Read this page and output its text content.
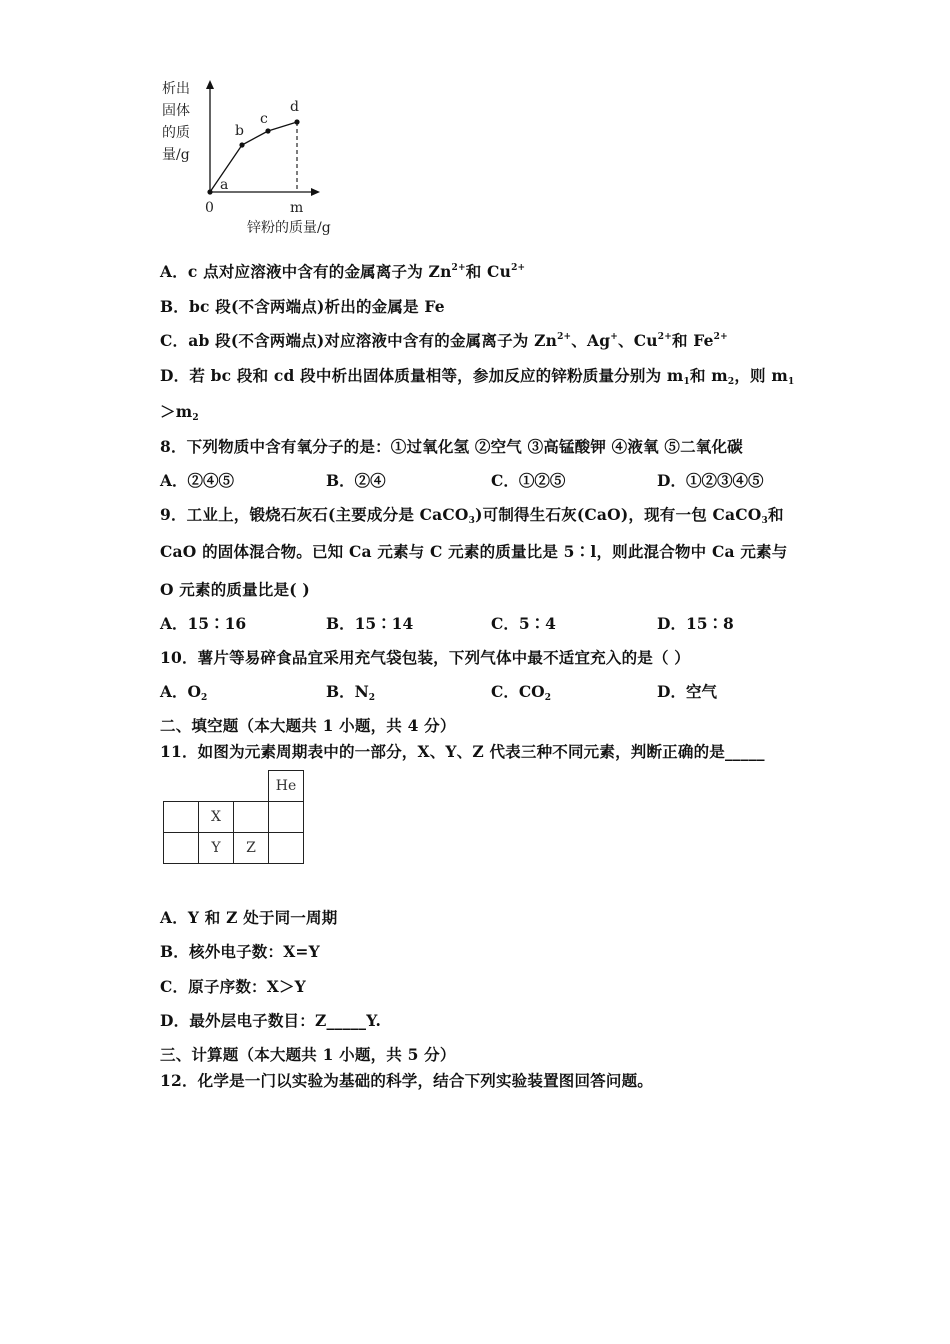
析出
固体
的质
量/g
a
b
c
d
0	m
锌粉的质量/g
A．c 点对应溶液中含有的金属离子为 $Zn^{2+}$和 $Cu^{2+}$
B．bc 段(不含两端点)析出的金属是 Fe
C．ab 段(不含两端点)对应溶液中含有的金属离子为 $Zn^{2+}$、Ag+、$Cu^{2+}$和 $Fe^{2+}$
D．若 bc 段和 cd 段中析出固体质量相等，参加反应的锌粉质量分别为 $m_1$和 $m_2$，则 $m_1$
$>m_2$
8．下列物质中含有氧分子的是：①过氧化氢 ②空气 ③高锰酸钾 ④液氧 ⑤二氧化碳
A．②④⑤	B．②④	C．①②⑤	D．①②③④⑤
9．工业上，锻烧石灰石(主要成分是 CaCO$_3$)可制得生石灰(CaO)，现有一包 CaCO$_3$和
CaO 的固体混合物。已知 Ca 元素与 C 元素的质量比是 5∶l，则此混合物中 Ca 元素与
O 元素的质量比是( )
A．15∶16	B．15∶14	C．5∶4	D．15∶8
10．薯片等易碎食品宜采用充气袋包装，下列气体中最不适宜充入的是（ ）
A．$O_2$	B．$N_2$	C．$CO_2$	D．空气
二、填空题（本大题共 1 小题，共 4 分）
11．如图为元素周期表中的一部分，X、Y、Z 代表三种不同元素，判断正确的是_____
			He
	X		
	Y	Z	
A．Y 和 Z 处于同一周期
B．核外电子数：X=Y
C．原子序数：X＞Y
D．最外层电子数目：Z_____Y.
三、计算题（本大题共 1 小题，共 5 分）
12．化学是一门以实验为基础的科学，结合下列实验装置图回答问题。
